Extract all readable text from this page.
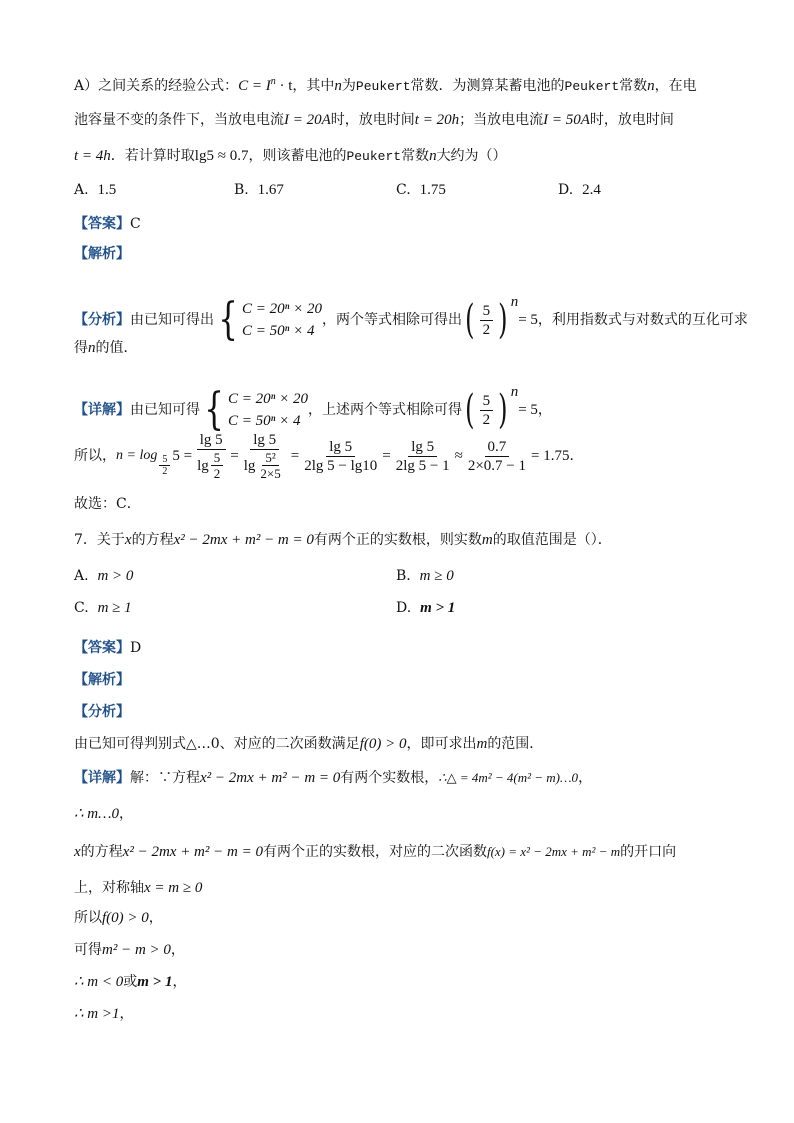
A）之间关系的经验公式：$C = I^n \cdot t$，其中n为Peukert常数．为测算某蓄电池的Peukert常数n，在电
池容量不变的条件下，当放电电流I = 20A时，放电时间t = 20h；当放电电流I = 50A时，放电时间
t = 4h．若计算时取lg5 ≈ 0.7，则该蓄电池的Peukert常数n大约为（）
A. 1.5	B. 1.67	C. 1.75	D. 2.4
【答案】C
【解析】
【分析】由已知可得出 { C = 20ⁿ × 20
C = 50ⁿ × 4
，两个等式相除可得出 ( $\frac{5}{2}$ ) $^n$= 5，利用指数式与对数式的互化可求
得n的值．
【详解】由已知可得 { C = 20ⁿ × 20
C = 50ⁿ × 4
，上述两个等式相除可得 ( $\frac{5}{2}$ ) $^n$= 5，
所以， $n = \log \frac{5}{2} 5 = \frac{\lg 5}{\lg \frac{5}{2}} = \frac{\lg 5}{\lg \frac{\text{5²}}{2\times 5}} = \frac{\lg 5}{2\lg 5 - \lg 10} = \frac{\lg 5}{2\lg 5 - 1} \approx \frac{0.7}{2\times 0.7 - 1} = 1.75$ ．
故选：C．
7．关于x的方程x² − 2mx + m² − m = 0有两个正的实数根，则实数m的取值范围是（）．
A. m > 0	B. m ≥ 0
C. m ≥ 1	D. m > 1
【答案】D
【解析】
【分析】
由已知可得判别式△…0、对应的二次函数满足f(0) > 0，即可求出m的范围．
【详解】解：∵方程x² − 2mx + m² − m = 0有两个实数根，∴△ = 4m² − 4(m² − m)…0，
∴ m…0，
x的方程x² − 2mx + m² − m = 0有两个正的实数根，对应的二次函数f(x) = x² − 2mx + m² − m的开口向
上，对称轴x = m ≥ 0
所以f(0) > 0，
可得m² − m > 0，
∴ m < 0或m > 1，
∴ m >1，
